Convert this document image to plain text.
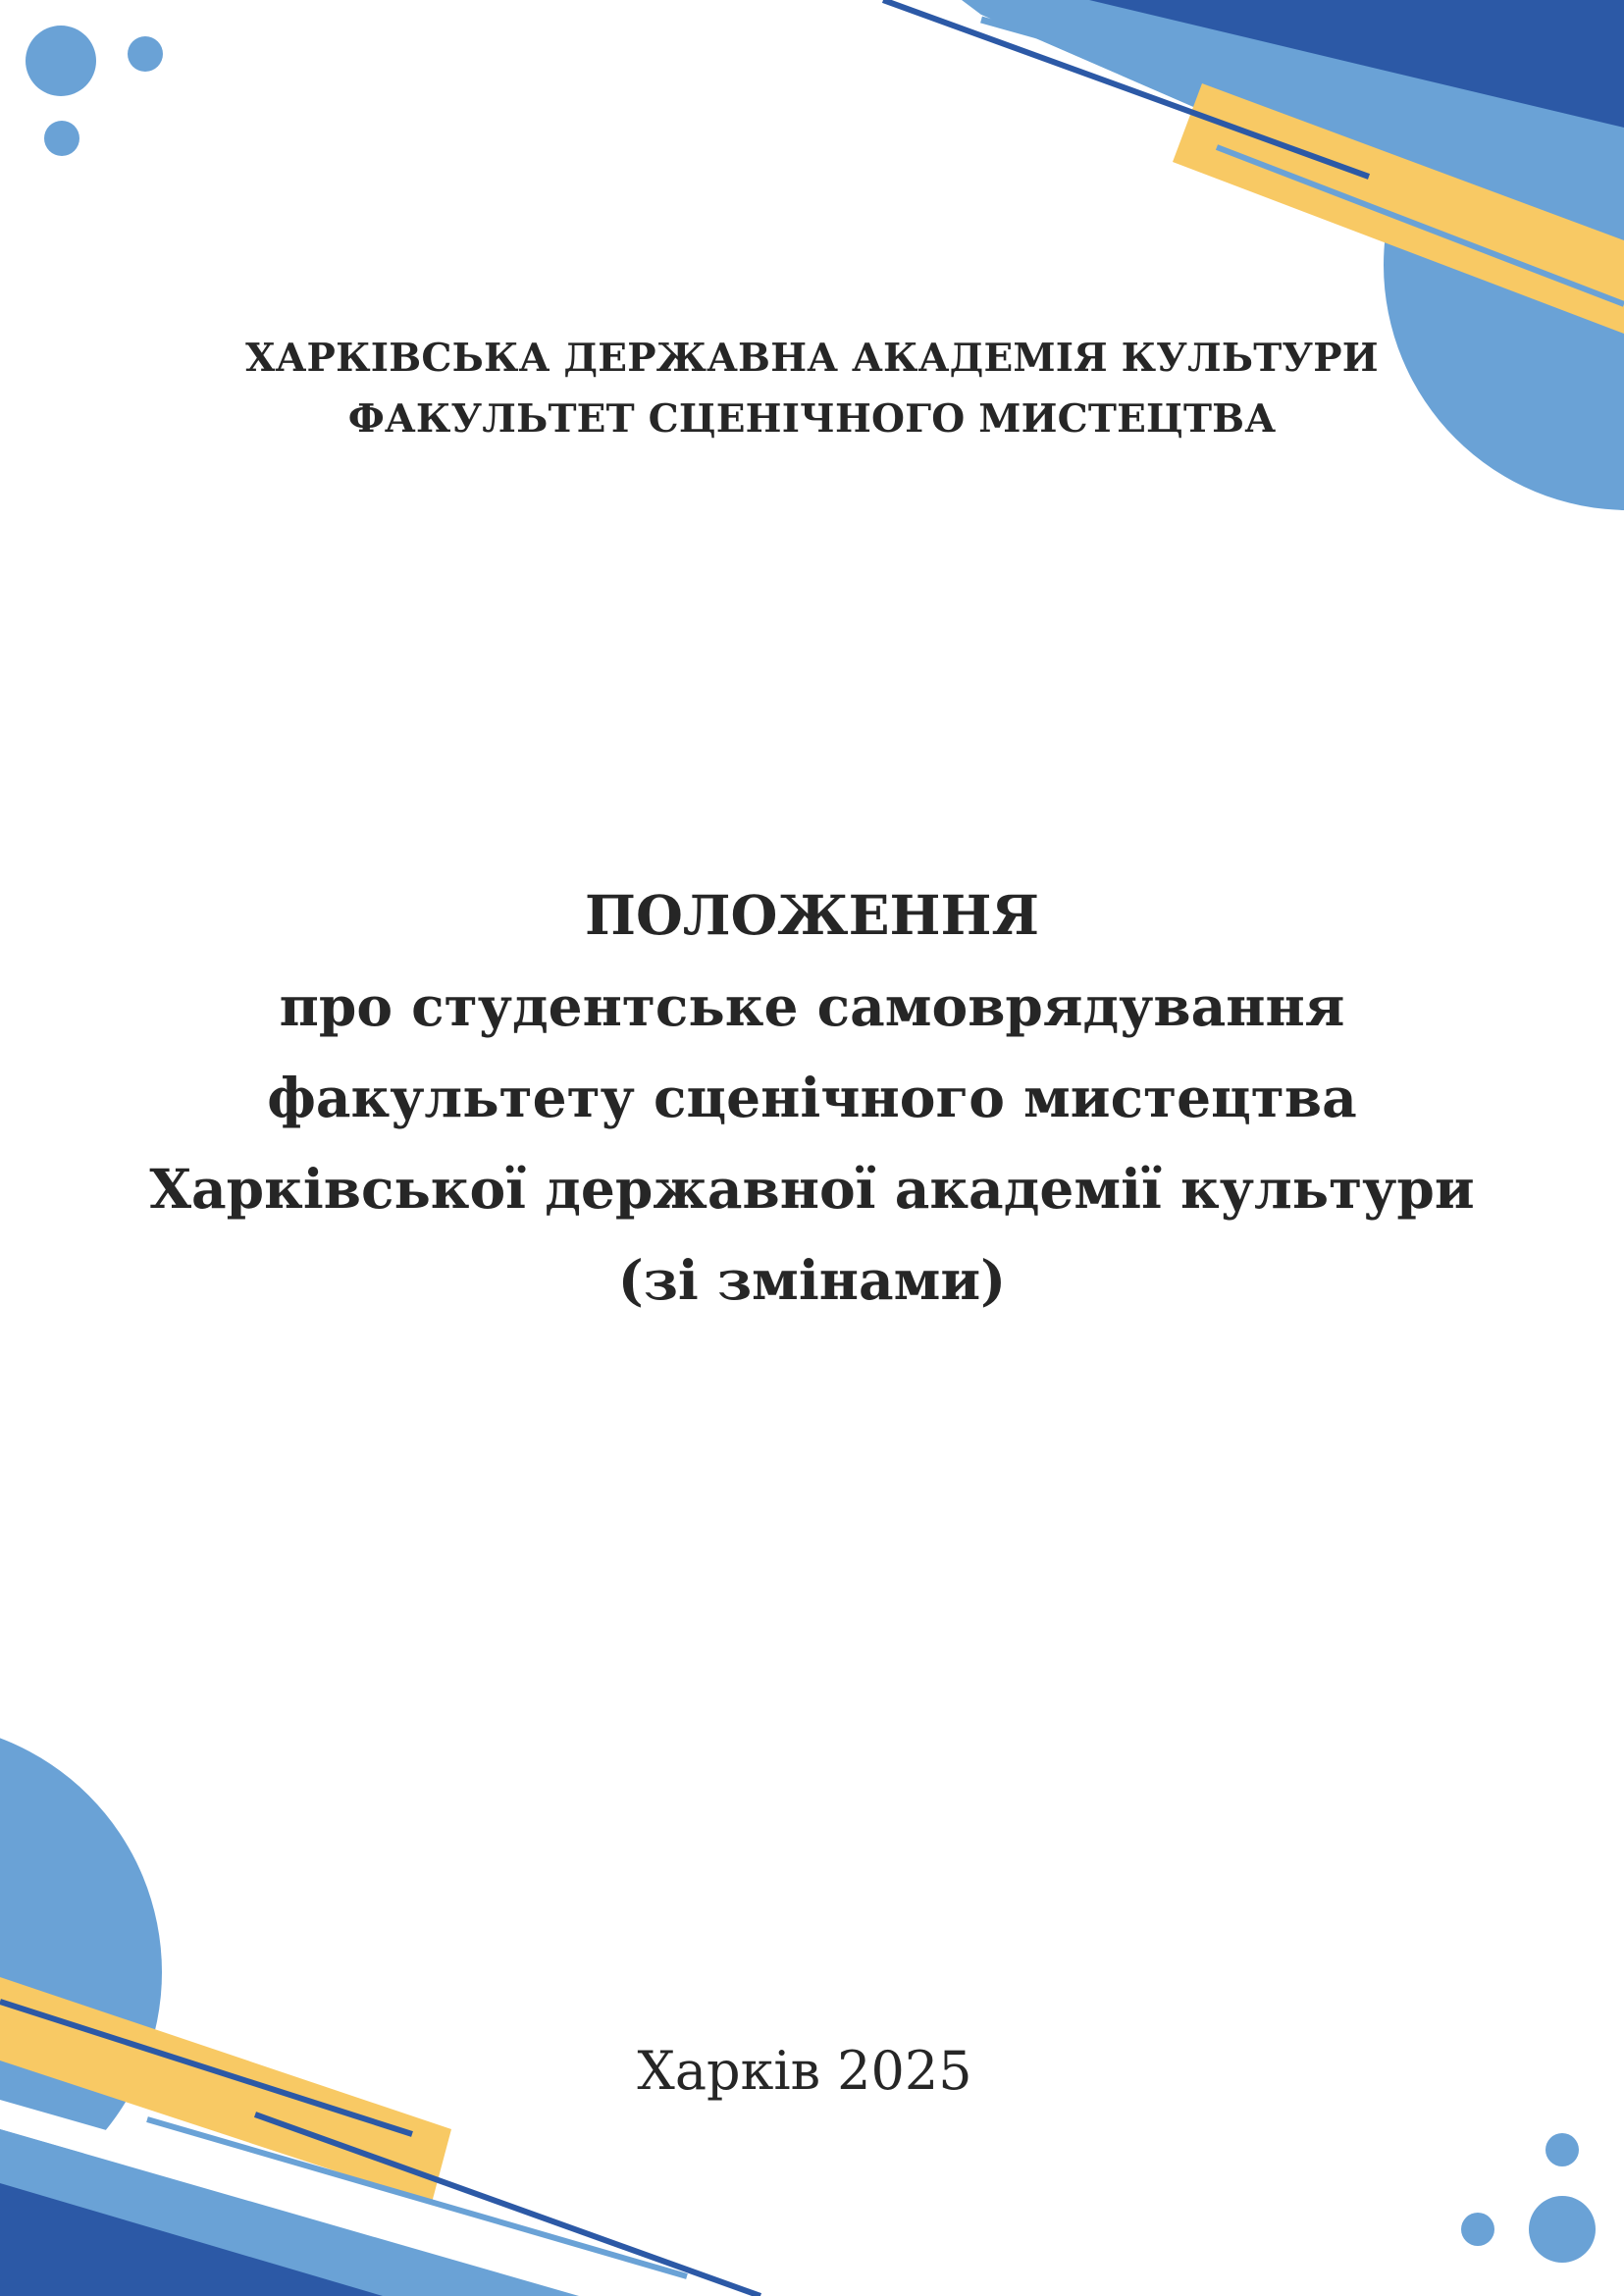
ХАРКІВСЬКА ДЕРЖАВНА АКАДЕМІЯ КУЛЬТУРИ
ФАКУЛЬТЕТ СЦЕНІЧНОГО МИСТЕЦТВА
ПОЛОЖЕННЯ
про студентське самоврядування
факультету сценічного мистецтва
Харківської державної академії культури
(зі змінами)
Харків 2025
